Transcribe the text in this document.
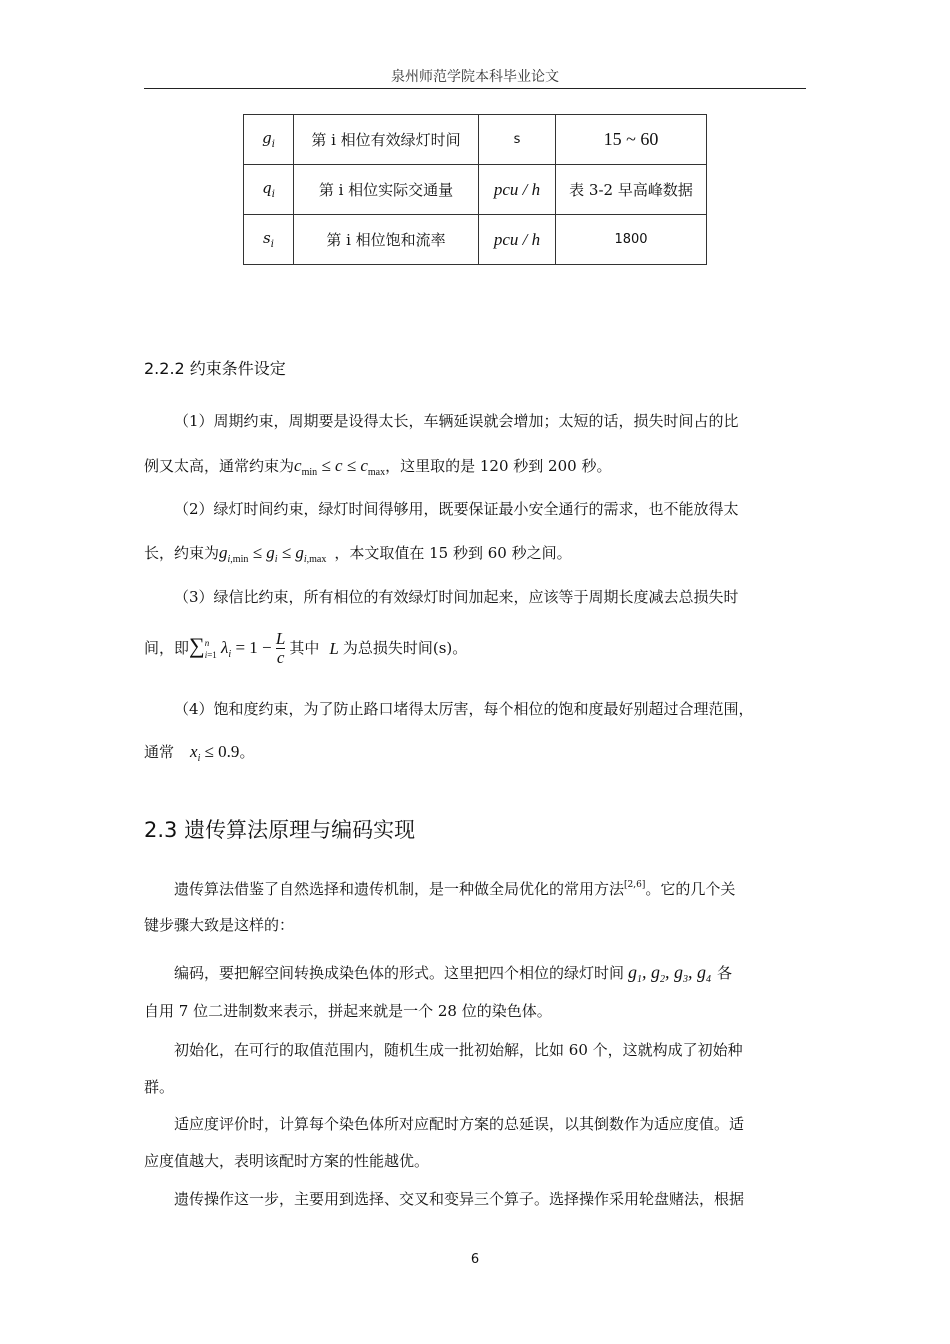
泉州师范学院本科毕业论文
$g_i$	第 i 相位有效绿灯时间	s	15 ~ 60
$q_i$	第 i 相位实际交通量	pcu / h	表 3-2 早高峰数据
$s_i$	第 i 相位饱和流率	pcu / h	1800
2.2.2 约束条件设定
（1）周期约束，周期要是设得太长，车辆延误就会增加；太短的话，损失时间占的比
例又太高，通常约束为$c_{min} \le c \le c_{max}$，这里取的是 120 秒到 200 秒。
（2）绿灯时间约束，绿灯时间得够用，既要保证最小安全通行的需求，也不能放得太
长，约束为$g_{i,min} \le g_i \le g_{i,max}$ ，本文取值在 15 秒到 60 秒之间。
（3）绿信比约束，所有相位的有效绿灯时间加起来，应该等于周期长度减去总损失时
间，即∑ n
i=1 $\lambda_i = 1 - \frac{L}{c}$ 其中 L 为总损失时间(s)。
（4）饱和度约束，为了防止路口堵得太厉害，每个相位的饱和度最好别超过合理范围，
通常 $x_i \le 0.9$。
2.3 遗传算法原理与编码实现
遗传算法借鉴了自然选择和遗传机制，是一种做全局优化的常用方法[2,6]。它的几个关
键步骤大致是这样的：
编码，要把解空间转换成染色体的形式。这里把四个相位的绿灯时间 $g_1$, $g_2$, $g_3$, $g_4$ 各
自用 7 位二进制数来表示，拼起来就是一个 28 位的染色体。
初始化，在可行的取值范围内，随机生成一批初始解，比如 60 个，这就构成了初始种
群。
适应度评价时，计算每个染色体所对应配时方案的总延误，以其倒数作为适应度值。适
应度值越大，表明该配时方案的性能越优。
遗传操作这一步，主要用到选择、交叉和变异三个算子。选择操作采用轮盘赌法，根据
6
